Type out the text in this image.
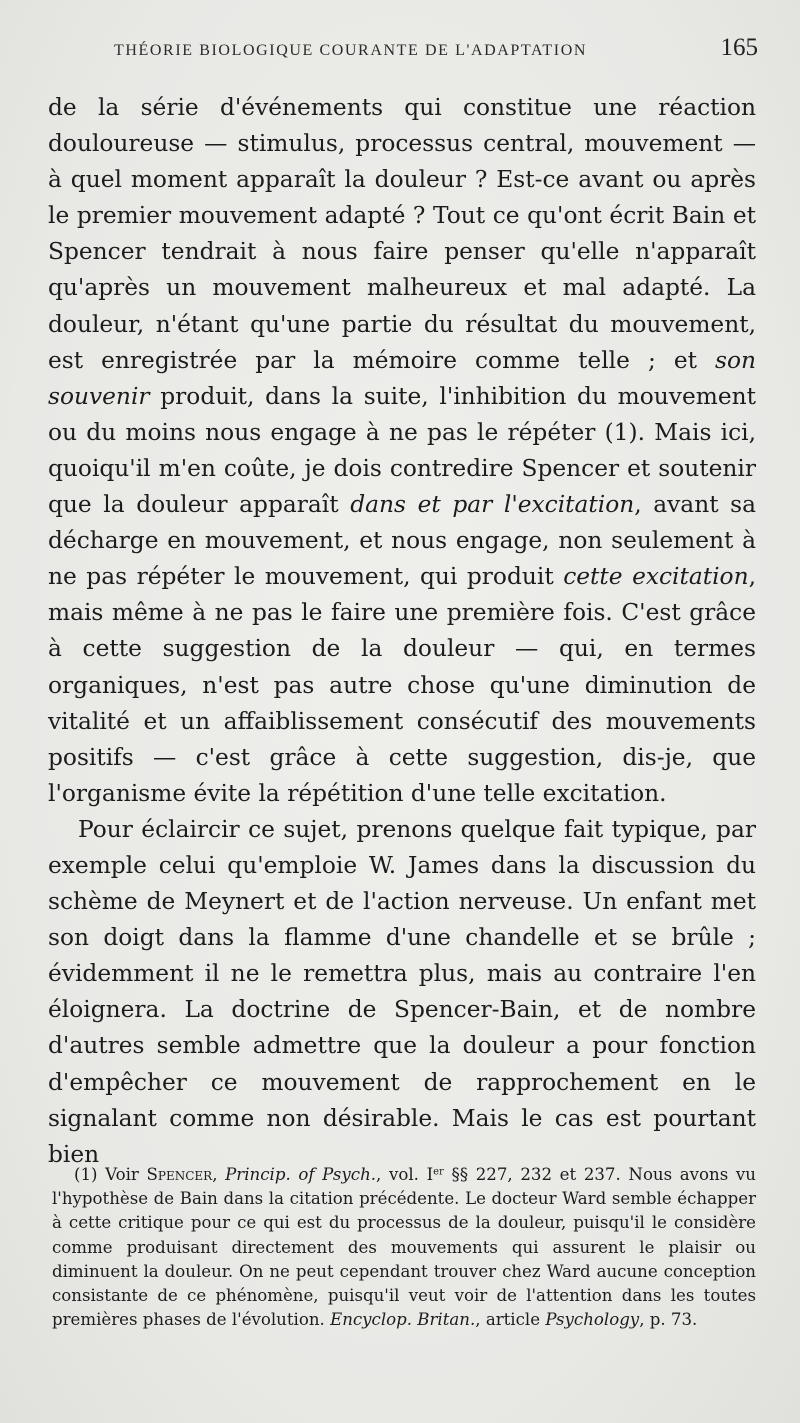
THÉORIE BIOLOGIQUE COURANTE DE L'ADAPTATION	165

de la série d'événements qui constitue une réaction douloureuse — stimulus, processus central, mouvement — à quel moment apparaît la douleur ? Est-ce avant ou après le premier mouvement adapté ? Tout ce qu'ont écrit Bain et Spencer tendrait à nous faire penser qu'elle n'apparaît qu'après un mouvement malheureux et mal adapté. La douleur, n'étant qu'une partie du résultat du mouvement, est enregistrée par la mémoire comme telle ; et son souvenir produit, dans la suite, l'inhibition du mouvement ou du moins nous engage à ne pas le répéter (1). Mais ici, quoiqu'il m'en coûte, je dois contredire Spencer et soutenir que la douleur apparaît dans et par l'excitation, avant sa décharge en mouvement, et nous engage, non seulement à ne pas répéter le mouvement, qui produit cette excitation, mais même à ne pas le faire une première fois. C'est grâce à cette suggestion de la douleur — qui, en termes organiques, n'est pas autre chose qu'une diminution de vitalité et un affaiblissement consécutif des mouvements positifs — c'est grâce à cette suggestion, dis-je, que l'organisme évite la répétition d'une telle excitation.

Pour éclaircir ce sujet, prenons quelque fait typique, par exemple celui qu'emploie W. James dans la discussion du schème de Meynert et de l'action nerveuse. Un enfant met son doigt dans la flamme d'une chandelle et se brûle ; évidemment il ne le remettra plus, mais au contraire l'en éloignera. La doctrine de Spencer-Bain, et de nombre d'autres semble admettre que la douleur a pour fonction d'empêcher ce mouvement de rapprochement en le signalant comme non désirable. Mais le cas est pourtant bien

(1) Voir Spencer, Princip. of Psych., vol. Ier §§ 227, 232 et 237. Nous avons vu l'hypothèse de Bain dans la citation précédente. Le docteur Ward semble échapper à cette critique pour ce qui est du processus de la douleur, puisqu'il le considère comme produisant directement des mouvements qui assurent le plaisir ou diminuent la douleur. On ne peut cependant trouver chez Ward aucune conception consistante de ce phénomène, puisqu'il veut voir de l'attention dans les toutes premières phases de l'évolution. Encyclop. Britan., article Psychology, p. 73.
